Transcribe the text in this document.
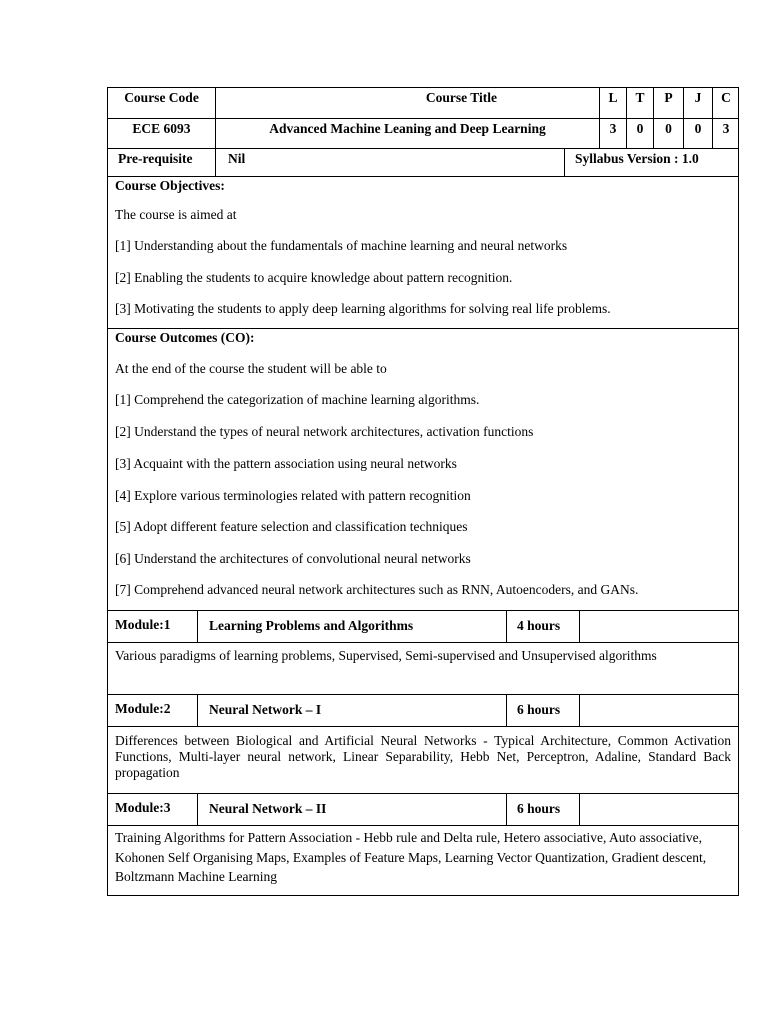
Course Code	Course Title	L	T	P	J	C
ECE 6093	Advanced Machine Leaning and Deep Learning	3	0	0	0	3
Pre-requisite	Nil	Syllabus Version : 1.0
Course Objectives:
The course is aimed at
[1] Understanding about the fundamentals of machine learning and neural networks
[2] Enabling the students to acquire knowledge about pattern recognition.
[3] Motivating the students to apply deep learning algorithms for solving real life problems.
Course Outcomes (CO):
At the end of the course the student will be able to
[1] Comprehend the categorization of machine learning algorithms.
[2] Understand the types of neural network architectures, activation functions
[3] Acquaint with the pattern association using neural networks
[4] Explore various terminologies related with pattern recognition
[5] Adopt different feature selection and classification techniques
[6] Understand the architectures of convolutional neural networks
[7] Comprehend advanced neural network architectures such as RNN, Autoencoders, and GANs.
Module:1	Learning Problems and Algorithms	4 hours
Various paradigms of learning problems, Supervised, Semi-supervised and Unsupervised algorithms
Module:2	Neural Network – I	6 hours
Differences between Biological and Artificial Neural Networks - Typical Architecture, Common Activation Functions, Multi-layer neural network, Linear Separability, Hebb Net, Perceptron, Adaline, Standard Back propagation
Module:3	Neural Network – II	6 hours
Training Algorithms for Pattern Association - Hebb rule and Delta rule, Hetero associative, Auto associative, Kohonen Self Organising Maps, Examples of Feature Maps, Learning Vector Quantization, Gradient descent, Boltzmann Machine Learning
